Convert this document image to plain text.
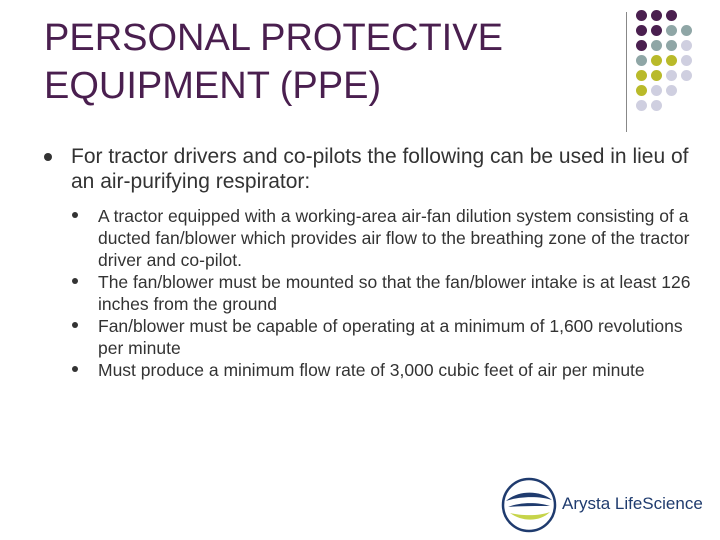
PERSONAL PROTECTIVE
EQUIPMENT (PPE)
For tractor drivers and co-pilots the following can be used in lieu of an air-purifying respirator:
A tractor equipped with a working-area air-fan dilution system consisting of a ducted fan/blower which provides air flow to the breathing zone of the tractor driver and co-pilot.
The fan/blower must be mounted so that the fan/blower intake is at least 126 inches from the ground
Fan/blower must be capable of operating at a minimum of 1,600 revolutions per minute
Must produce a minimum flow rate of 3,000 cubic feet of air per minute
Arysta LifeScience
